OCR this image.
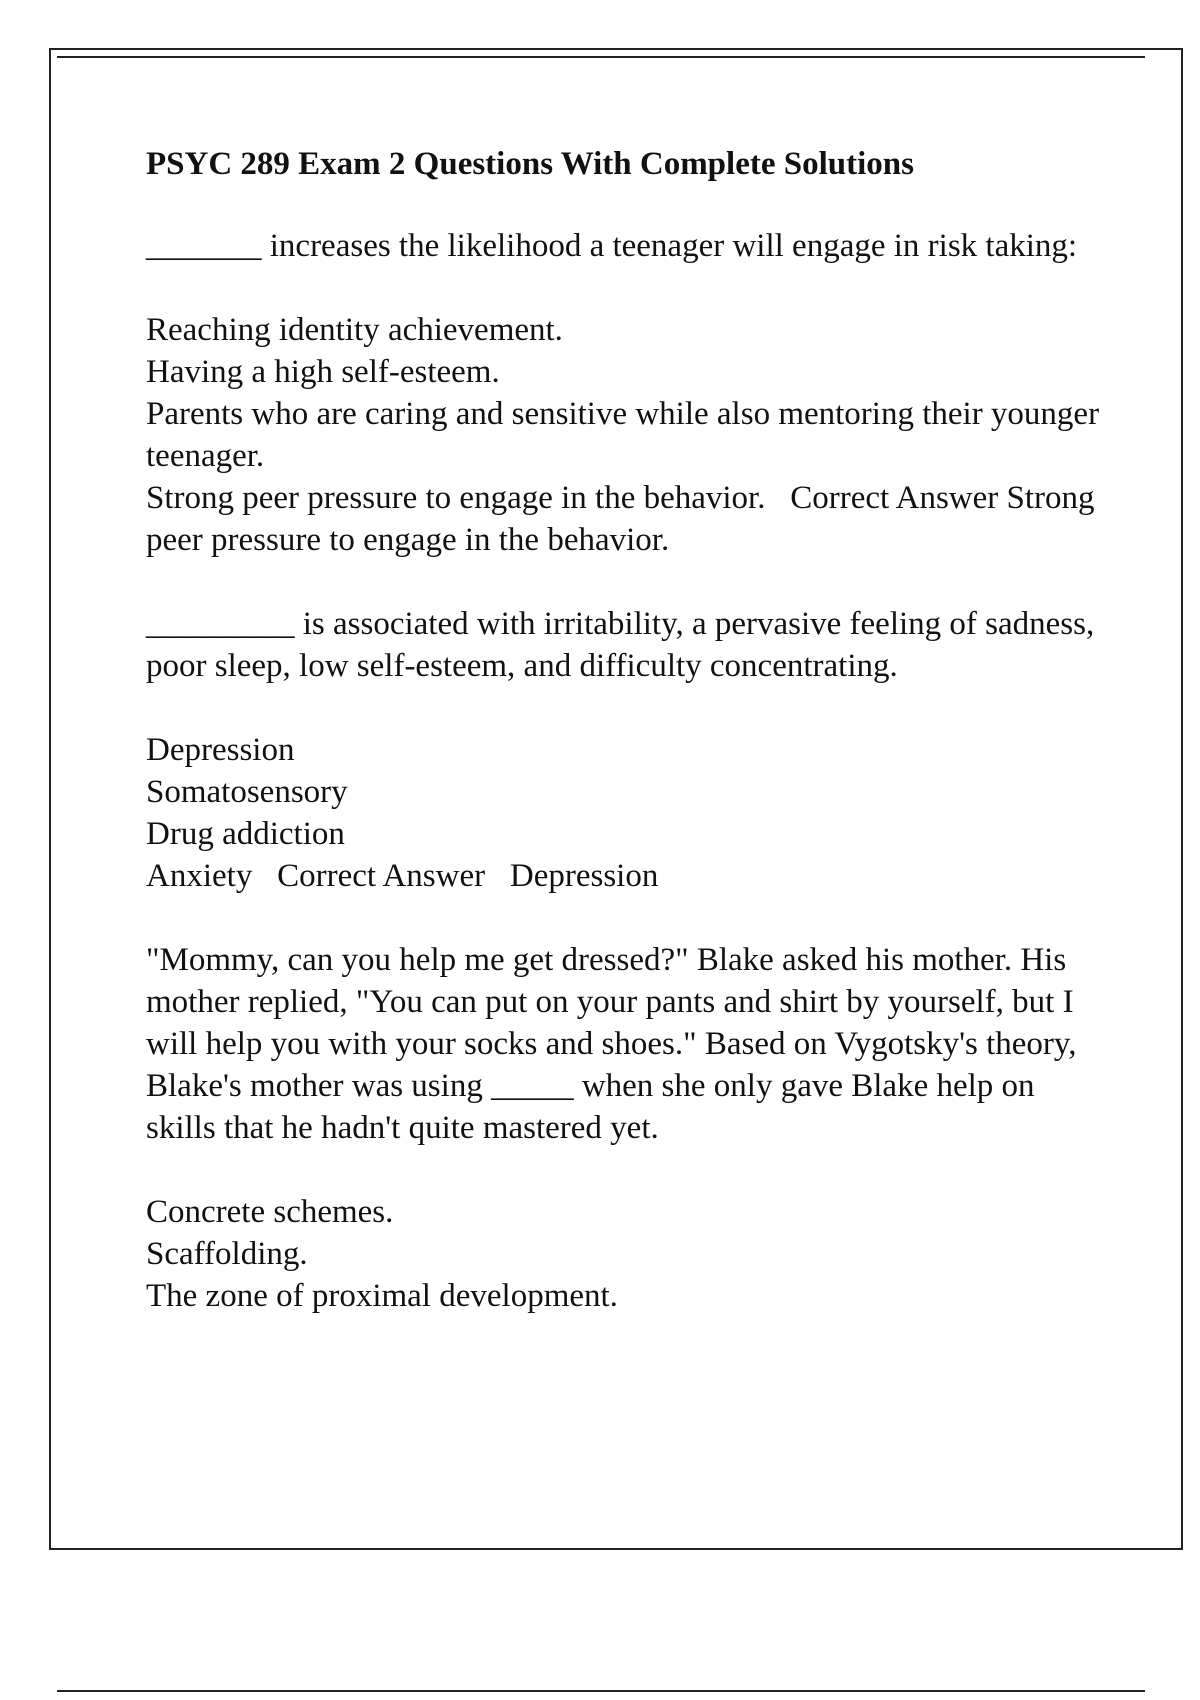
PSYC 289 Exam 2 Questions With Complete Solutions
_______ increases the likelihood a teenager will engage in risk taking:
Reaching identity achievement.
Having a high self-esteem.
Parents who are caring and sensitive while also mentoring their younger teenager.
Strong peer pressure to engage in the behavior. Correct Answer Strong peer pressure to engage in the behavior.
_________ is associated with irritability, a pervasive feeling of sadness, poor sleep, low self-esteem, and difficulty concentrating.
Depression
Somatosensory
Drug addiction
Anxiety Correct Answer Depression
"Mommy, can you help me get dressed?" Blake asked his mother. His mother replied, "You can put on your pants and shirt by yourself, but I will help you with your socks and shoes." Based on Vygotsky's theory, Blake's mother was using _____ when she only gave Blake help on skills that he hadn't quite mastered yet.
Concrete schemes.
Scaffolding.
The zone of proximal development.
